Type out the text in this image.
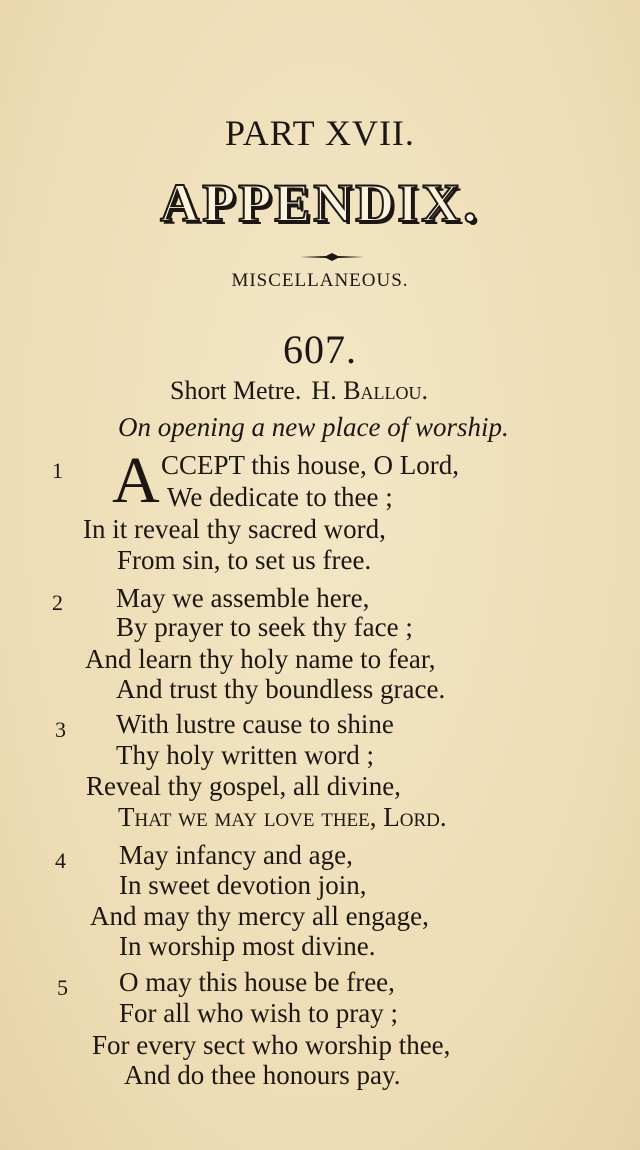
PART XVII.
APPENDIX.
MISCELLANEOUS.
607.
Short Metre. H. Ballou.
On opening a new place of worship.
1 A CCEPT this house, O Lord,
We dedicate to thee ;
In it reveal thy sacred word,
From sin, to set us free.
2 May we assemble here,
By prayer to seek thy face ;
And learn thy holy name to fear,
And trust thy boundless grace.
3 With lustre cause to shine
Thy holy written word ;
Reveal thy gospel, all divine,
That we may love thee, Lord.
4 May infancy and age,
In sweet devotion join,
And may thy mercy all engage,
In worship most divine.
5 O may this house be free,
For all who wish to pray ;
For every sect who worship thee,
And do thee honours pay.
